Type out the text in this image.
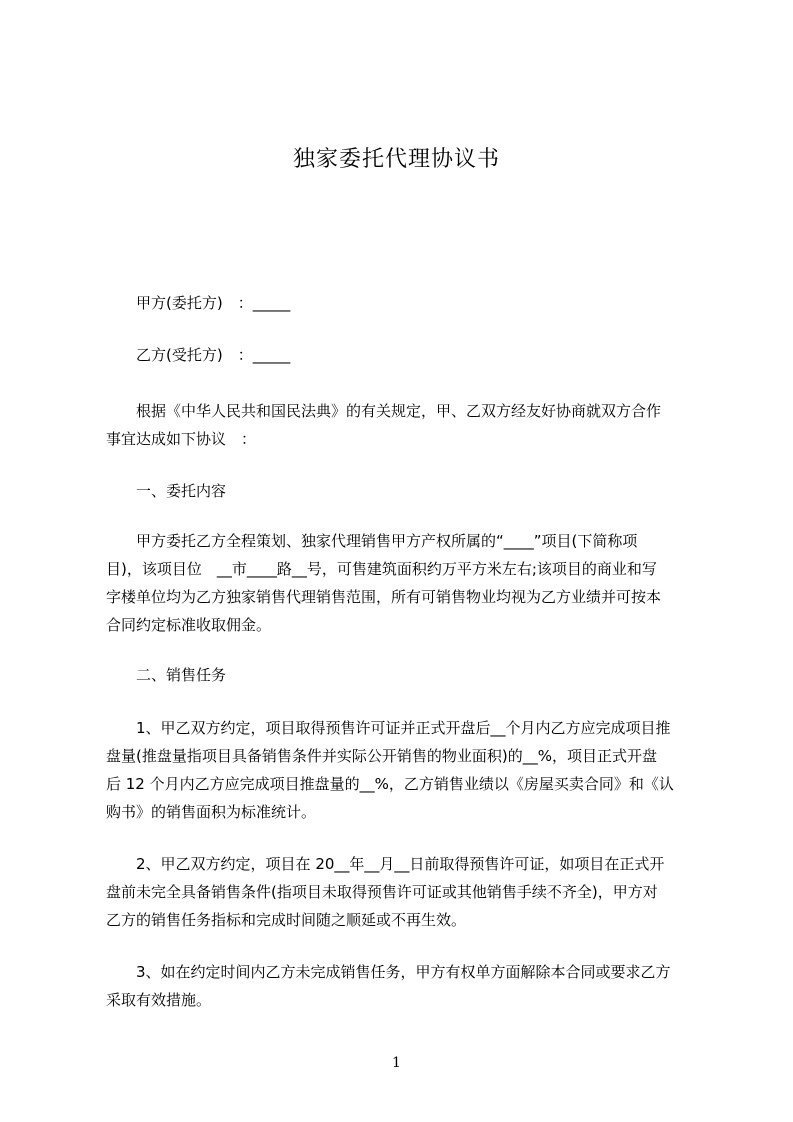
独家委托代理协议书
甲方(委托方)　：_____
乙方(受托方)　：_____
　　根据《中华人民共和国民法典》的有关规定，甲、乙双方经友好协商就双方合作
事宜达成如下协议　：
一、委托内容
　　甲方委托乙方全程策划、独家代理销售甲方产权所属的“____”项目(下简称项
目)，该项目位　__市____路__号，可售建筑面积约万平方米左右;该项目的商业和写
字楼单位均为乙方独家销售代理销售范围，所有可销售物业均视为乙方业绩并可按本
合同约定标准收取佣金。
二、销售任务
　　1、甲乙双方约定，项目取得预售许可证并正式开盘后__个月内乙方应完成项目推
盘量(推盘量指项目具备销售条件并实际公开销售的物业面积)的__%，项目正式开盘
后 12 个月内乙方应完成项目推盘量的__%，乙方销售业绩以《房屋买卖合同》和《认
购书》的销售面积为标准统计。
　　2、甲乙双方约定，项目在 20__年__月__日前取得预售许可证，如项目在正式开
盘前未完全具备销售条件(指项目未取得预售许可证或其他销售手续不齐全)，甲方对
乙方的销售任务指标和完成时间随之顺延或不再生效。
　　3、如在约定时间内乙方未完成销售任务，甲方有权单方面解除本合同或要求乙方
采取有效措施。
1
